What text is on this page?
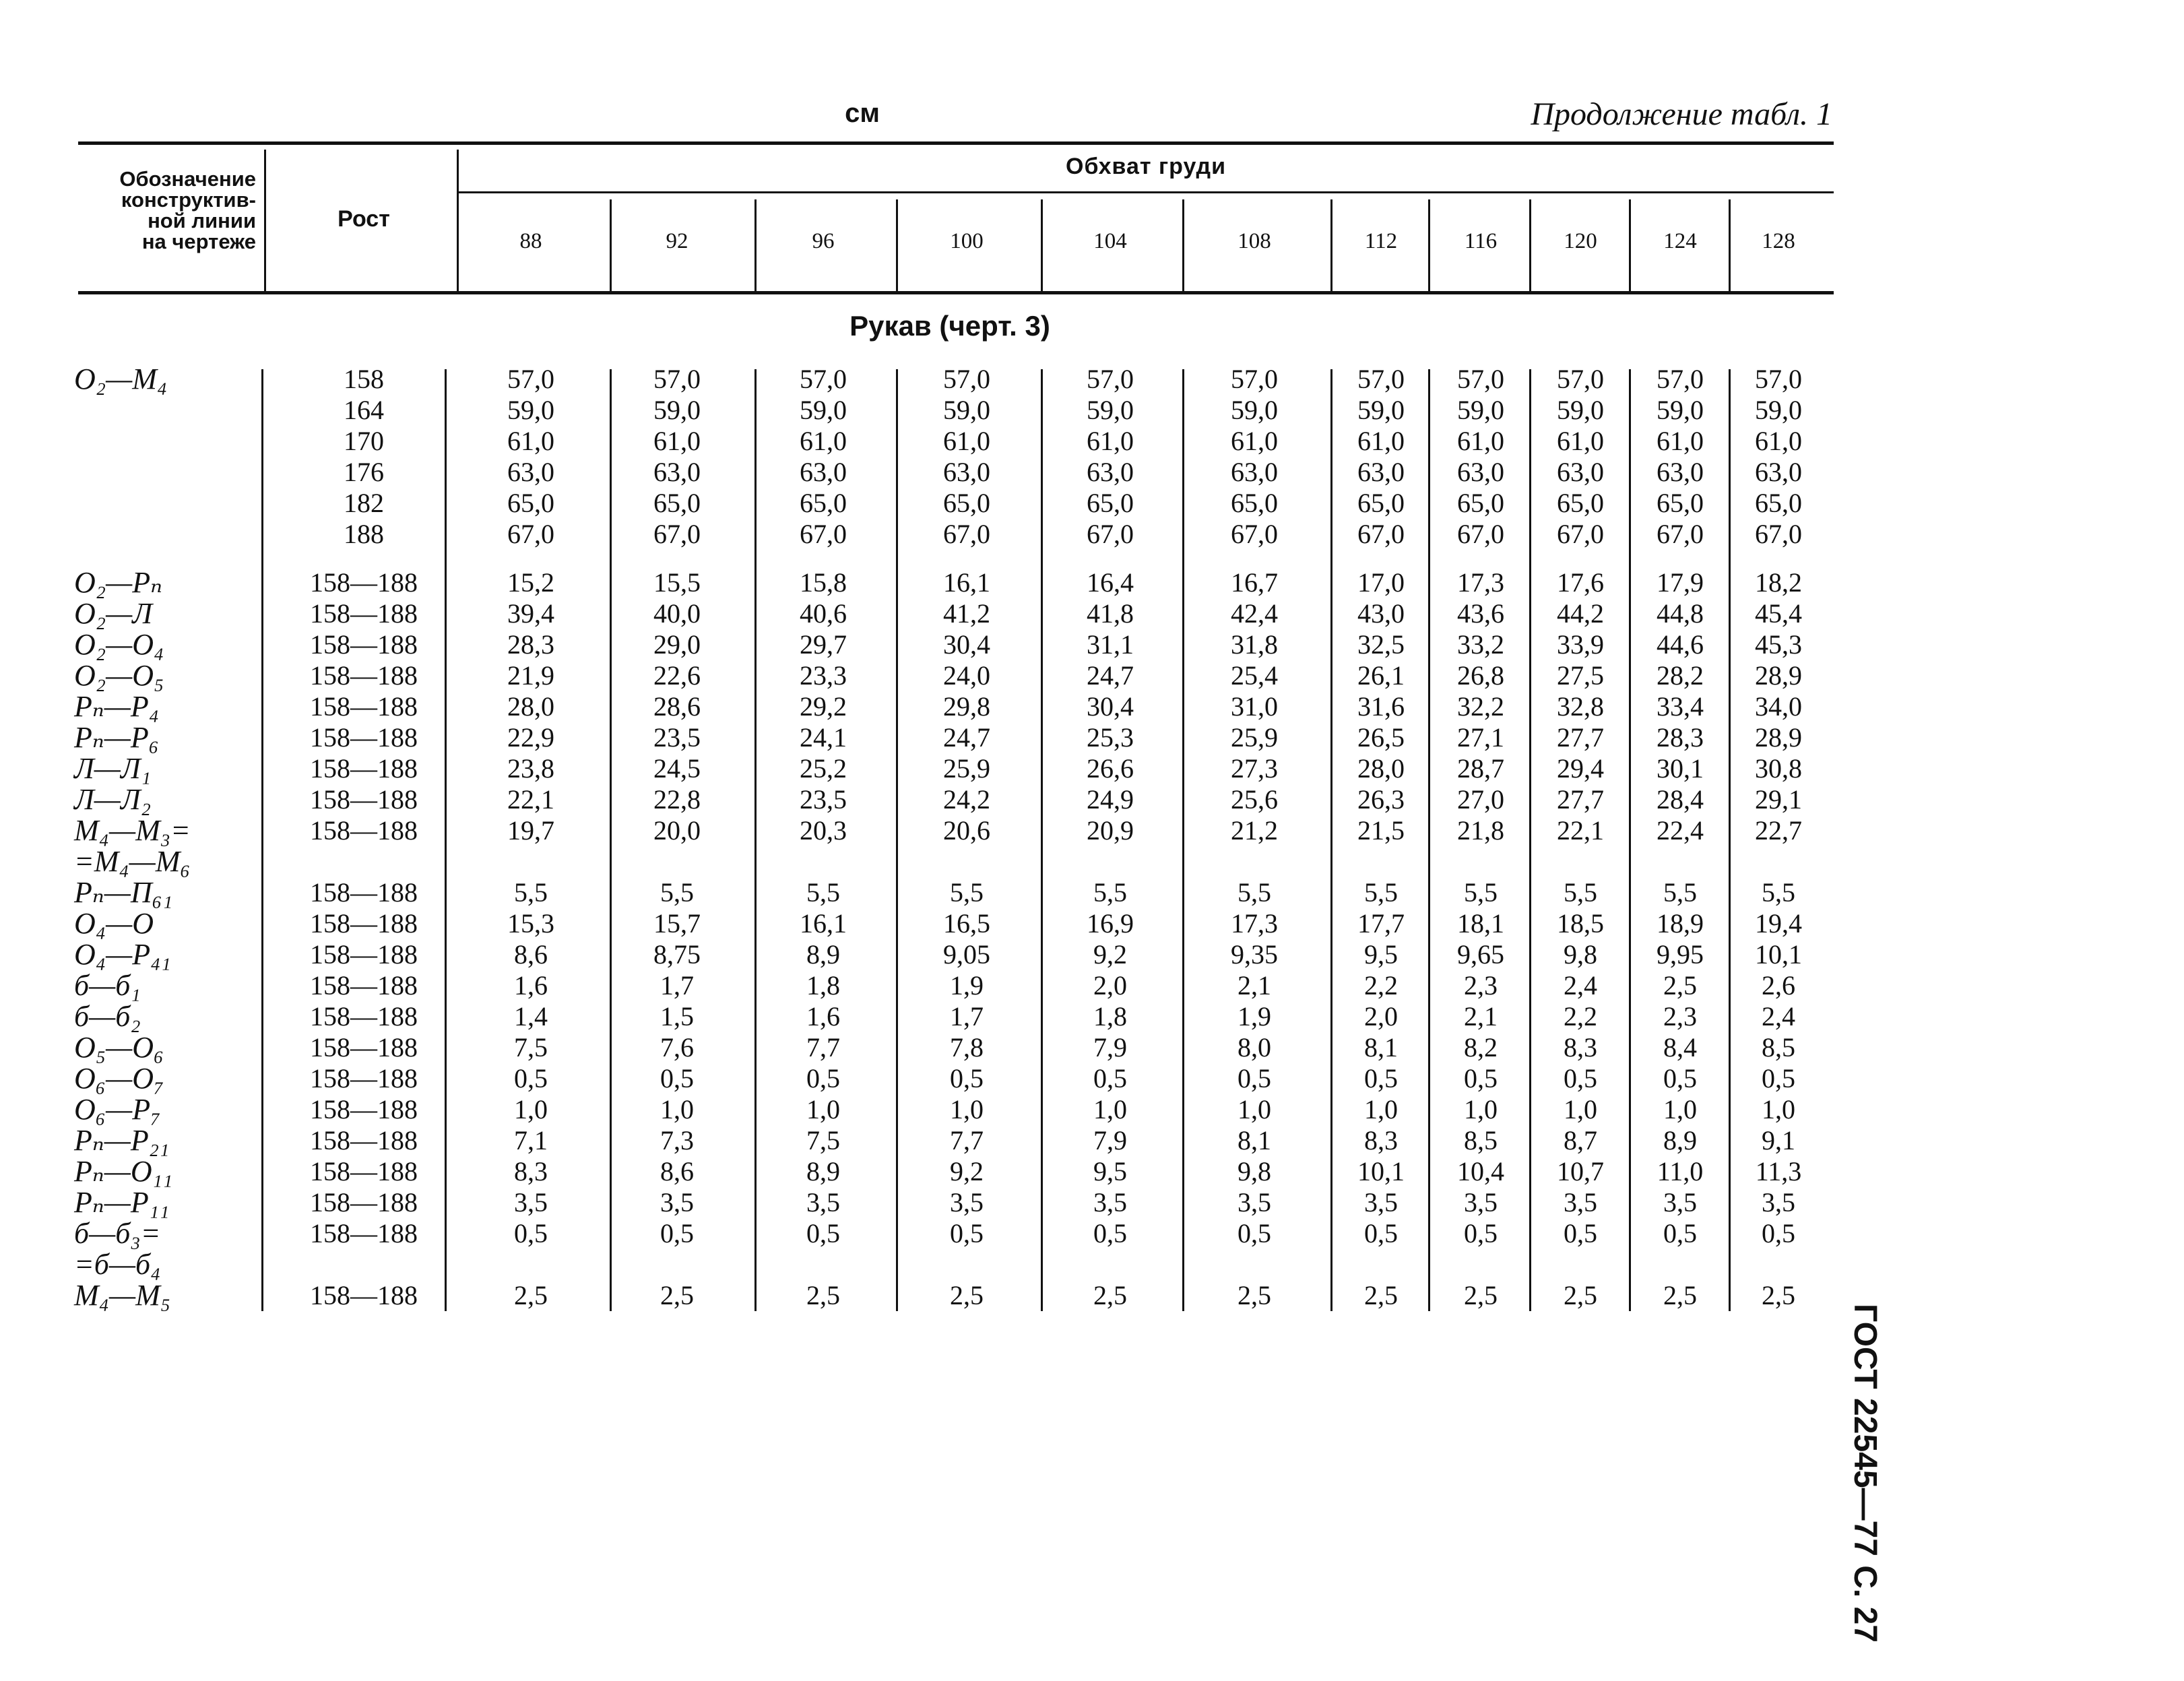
см	Продолжение табл. 1
Обозначение
конструктив-
ной линии
на чертеже
Рост
Обхват груди
Рукав (черт. 3)
88	92	96	100	104	108	112	116	120	124	128
O₂—M₄	158	57,0	57,0	57,0	57,0	57,0	57,0	57,0	57,0	57,0	57,0	57,0
164	59,0	59,0	59,0	59,0	59,0	59,0	59,0	59,0	59,0	59,0	59,0
170	61,0	61,0	61,0	61,0	61,0	61,0	61,0	61,0	61,0	61,0	61,0
176	63,0	63,0	63,0	63,0	63,0	63,0	63,0	63,0	63,0	63,0	63,0
182	65,0	65,0	65,0	65,0	65,0	65,0	65,0	65,0	65,0	65,0	65,0
188	67,0	67,0	67,0	67,0	67,0	67,0	67,0	67,0	67,0	67,0	67,0
O₂—Pₙ	158—188	15,2	15,5	15,8	16,1	16,4	16,7	17,0	17,3	17,6	17,9	18,2
O₂—Л	158—188	39,4	40,0	40,6	41,2	41,8	42,4	43,0	43,6	44,2	44,8	45,4
O₂—O₄	158—188	28,3	29,0	29,7	30,4	31,1	31,8	32,5	33,2	33,9	44,6	45,3
O₂—O₅	158—188	21,9	22,6	23,3	24,0	24,7	25,4	26,1	26,8	27,5	28,2	28,9
Pₙ—P₄	158—188	28,0	28,6	29,2	29,8	30,4	31,0	31,6	32,2	32,8	33,4	34,0
Pₙ—P₆	158—188	22,9	23,5	24,1	24,7	25,3	25,9	26,5	27,1	27,7	28,3	28,9
Л—Л₁	158—188	23,8	24,5	25,2	25,9	26,6	27,3	28,0	28,7	29,4	30,1	30,8
Л—Л₂	158—188	22,1	22,8	23,5	24,2	24,9	25,6	26,3	27,0	27,7	28,4	29,1
M₄—M₃=	158—188	19,7	20,0	20,3	20,6	20,9	21,2	21,5	21,8	22,1	22,4	22,7
=M₄—M₆
Pₙ—П₆₁	158—188	5,5	5,5	5,5	5,5	5,5	5,5	5,5	5,5	5,5	5,5	5,5
O₄—O	158—188	15,3	15,7	16,1	16,5	16,9	17,3	17,7	18,1	18,5	18,9	19,4
O₄—P₄₁	158—188	8,6	8,75	8,9	9,05	9,2	9,35	9,5	9,65	9,8	9,95	10,1
б—б₁	158—188	1,6	1,7	1,8	1,9	2,0	2,1	2,2	2,3	2,4	2,5	2,6
б—б₂	158—188	1,4	1,5	1,6	1,7	1,8	1,9	2,0	2,1	2,2	2,3	2,4
O₅—O₆	158—188	7,5	7,6	7,7	7,8	7,9	8,0	8,1	8,2	8,3	8,4	8,5
O₆—O₇	158—188	0,5	0,5	0,5	0,5	0,5	0,5	0,5	0,5	0,5	0,5	0,5
O₆—P₇	158—188	1,0	1,0	1,0	1,0	1,0	1,0	1,0	1,0	1,0	1,0	1,0
Pₙ—P₂₁	158—188	7,1	7,3	7,5	7,7	7,9	8,1	8,3	8,5	8,7	8,9	9,1
Pₙ—O₁₁	158—188	8,3	8,6	8,9	9,2	9,5	9,8	10,1	10,4	10,7	11,0	11,3
Pₙ—P₁₁	158—188	3,5	3,5	3,5	3,5	3,5	3,5	3,5	3,5	3,5	3,5	3,5
б—б₃=	158—188	0,5	0,5	0,5	0,5	0,5	0,5	0,5	0,5	0,5	0,5	0,5
=б—б₄
M₄—M₅	158—188	2,5	2,5	2,5	2,5	2,5	2,5	2,5	2,5	2,5	2,5	2,5
ГОСТ 22545—77 С. 27
